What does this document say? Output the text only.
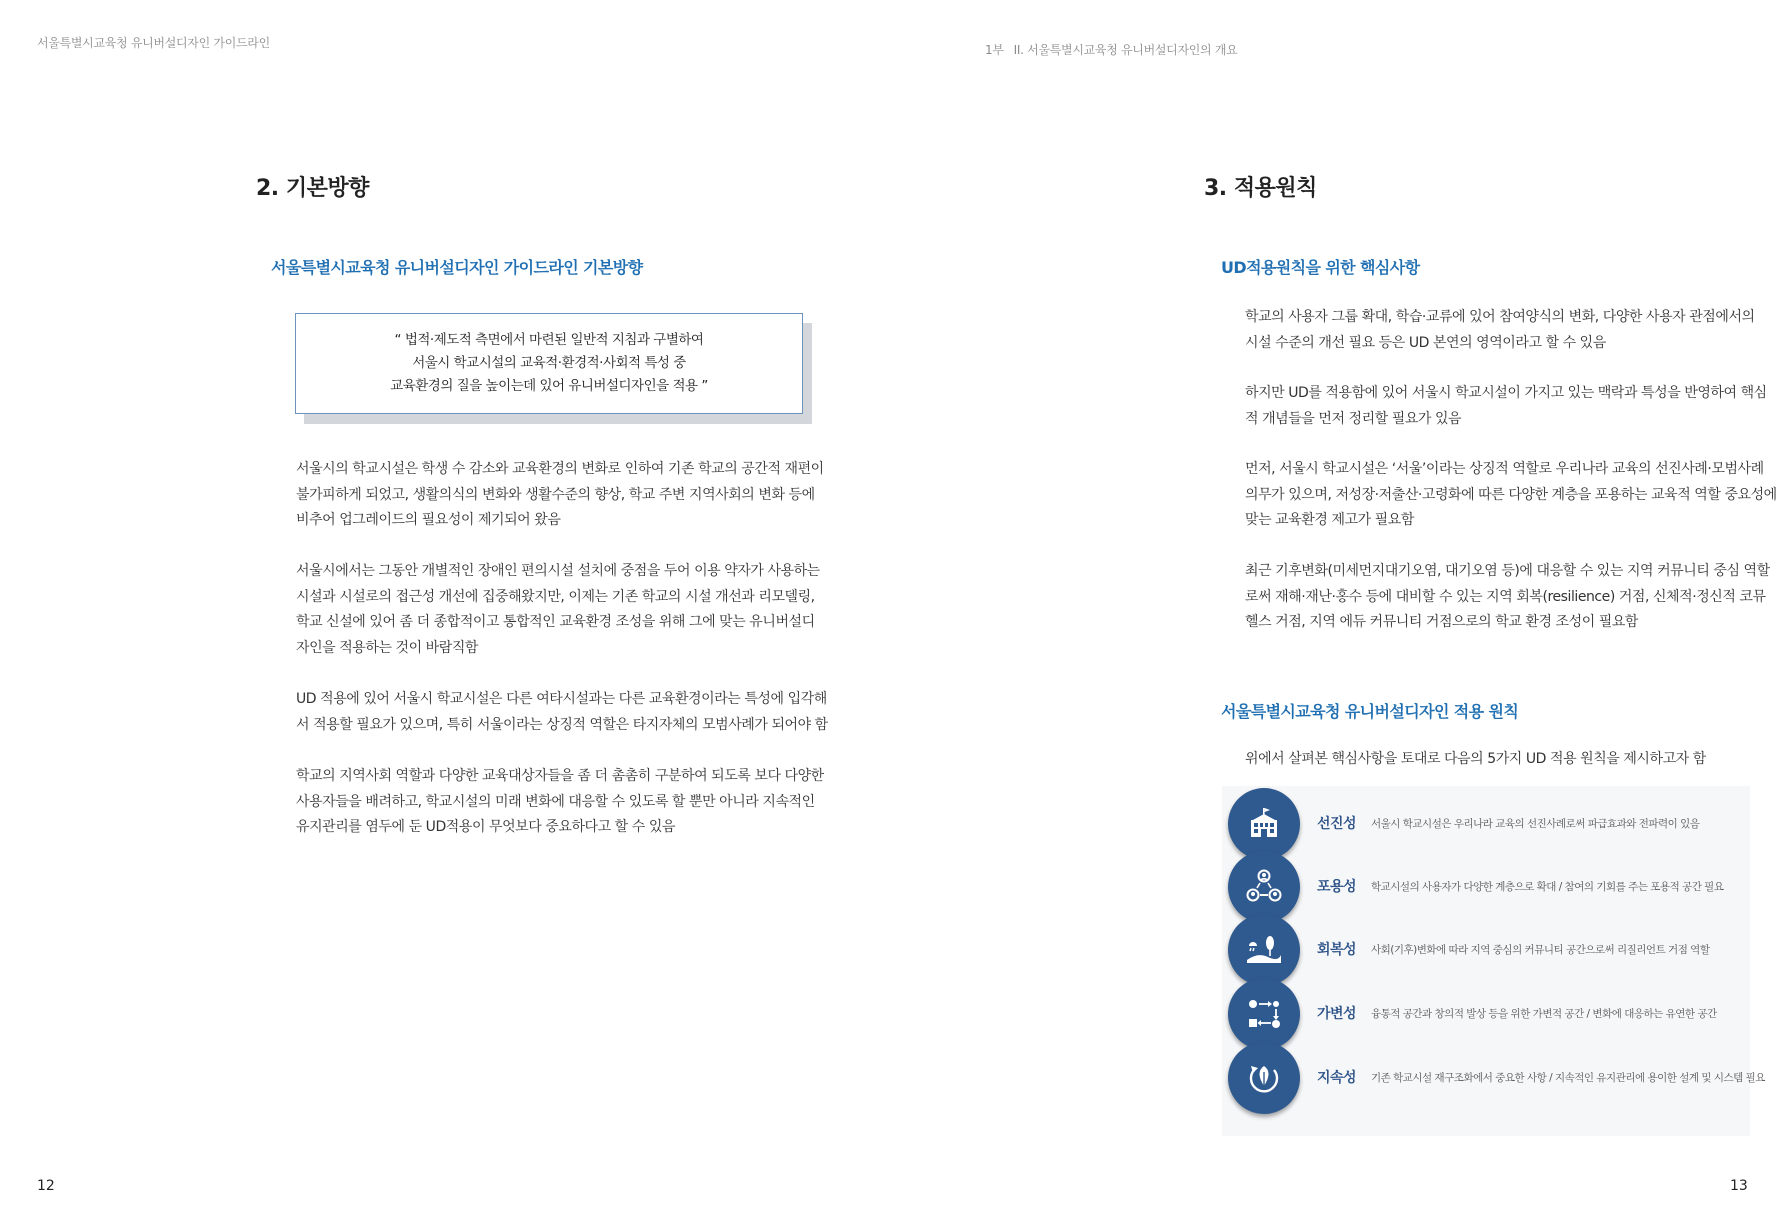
서울특별시교육청 유니버설디자인 가이드라인	1부 II. 서울특별시교육청 유니버설디자인의 개요
2. 기본방향
서울특별시교육청 유니버설디자인 가이드라인 기본방향
“ 법적·제도적 측면에서 마련된 일반적 지침과 구별하여
서울시 학교시설의 교육적·환경적·사회적 특성 중
교육환경의 질을 높이는데 있어 유니버설디자인을 적용 ”
서울시의 학교시설은 학생 수 감소와 교육환경의 변화로 인하여 기존 학교의 공간적 재편이
불가피하게 되었고, 생활의식의 변화와 생활수준의 향상, 학교 주변 지역사회의 변화 등에
비추어 업그레이드의 필요성이 제기되어 왔음
서울시에서는 그동안 개별적인 장애인 편의시설 설치에 중점을 두어 이용 약자가 사용하는
시설과 시설로의 접근성 개선에 집중해왔지만, 이제는 기존 학교의 시설 개선과 리모델링,
학교 신설에 있어 좀 더 종합적이고 통합적인 교육환경 조성을 위해 그에 맞는 유니버설디
자인을 적용하는 것이 바람직함
UD 적용에 있어 서울시 학교시설은 다른 여타시설과는 다른 교육환경이라는 특성에 입각해
서 적용할 필요가 있으며, 특히 서울이라는 상징적 역할은 타지자체의 모범사례가 되어야 함
학교의 지역사회 역할과 다양한 교육대상자들을 좀 더 촘촘히 구분하여 되도록 보다 다양한
사용자들을 배려하고, 학교시설의 미래 변화에 대응할 수 있도록 할 뿐만 아니라 지속적인
유지관리를 염두에 둔 UD적용이 무엇보다 중요하다고 할 수 있음
12
3. 적용원칙
UD적용원칙을 위한 핵심사항
학교의 사용자 그룹 확대, 학습·교류에 있어 참여양식의 변화, 다양한 사용자 관점에서의
시설 수준의 개선 필요 등은 UD 본연의 영역이라고 할 수 있음
하지만 UD를 적용함에 있어 서울시 학교시설이 가지고 있는 맥락과 특성을 반영하여 핵심
적 개념들을 먼저 정리할 필요가 있음
먼저, 서울시 학교시설은 ‘서울’이라는 상징적 역할로 우리나라 교육의 선진사례·모범사례
의무가 있으며, 저성장·저출산·고령화에 따른 다양한 계층을 포용하는 교육적 역할 중요성에
맞는 교육환경 제고가 필요함
최근 기후변화(미세먼지대기오염, 대기오염 등)에 대응할 수 있는 지역 커뮤니티 중심 역할
로써 재해·재난·홍수 등에 대비할 수 있는 지역 회복(resilience) 거점, 신체적·정신적 코뮤
헬스 거점, 지역 에듀 커뮤니티 거점으로의 학교 환경 조성이 필요함
서울특별시교육청 유니버설디자인 적용 원칙
위에서 살펴본 핵심사항을 토대로 다음의 5가지 UD 적용 원칙을 제시하고자 함
선진성 서울시 학교시설은 우리나라 교육의 선진사례로써 파급효과와 전파력이 있음
포용성 학교시설의 사용자가 다양한 계층으로 확대 / 참여의 기회를 주는 포용적 공간 필요
회복성 사회(기후)변화에 따라 지역 중심의 커뮤니티 공간으로써 리질리언트 거점 역할
가변성 융통적 공간과 창의적 발상 등을 위한 가변적 공간 / 변화에 대응하는 유연한 공간
지속성 기존 학교시설 재구조화에서 중요한 사항 / 지속적인 유지관리에 용이한 설계 및 시스템 필요
13
